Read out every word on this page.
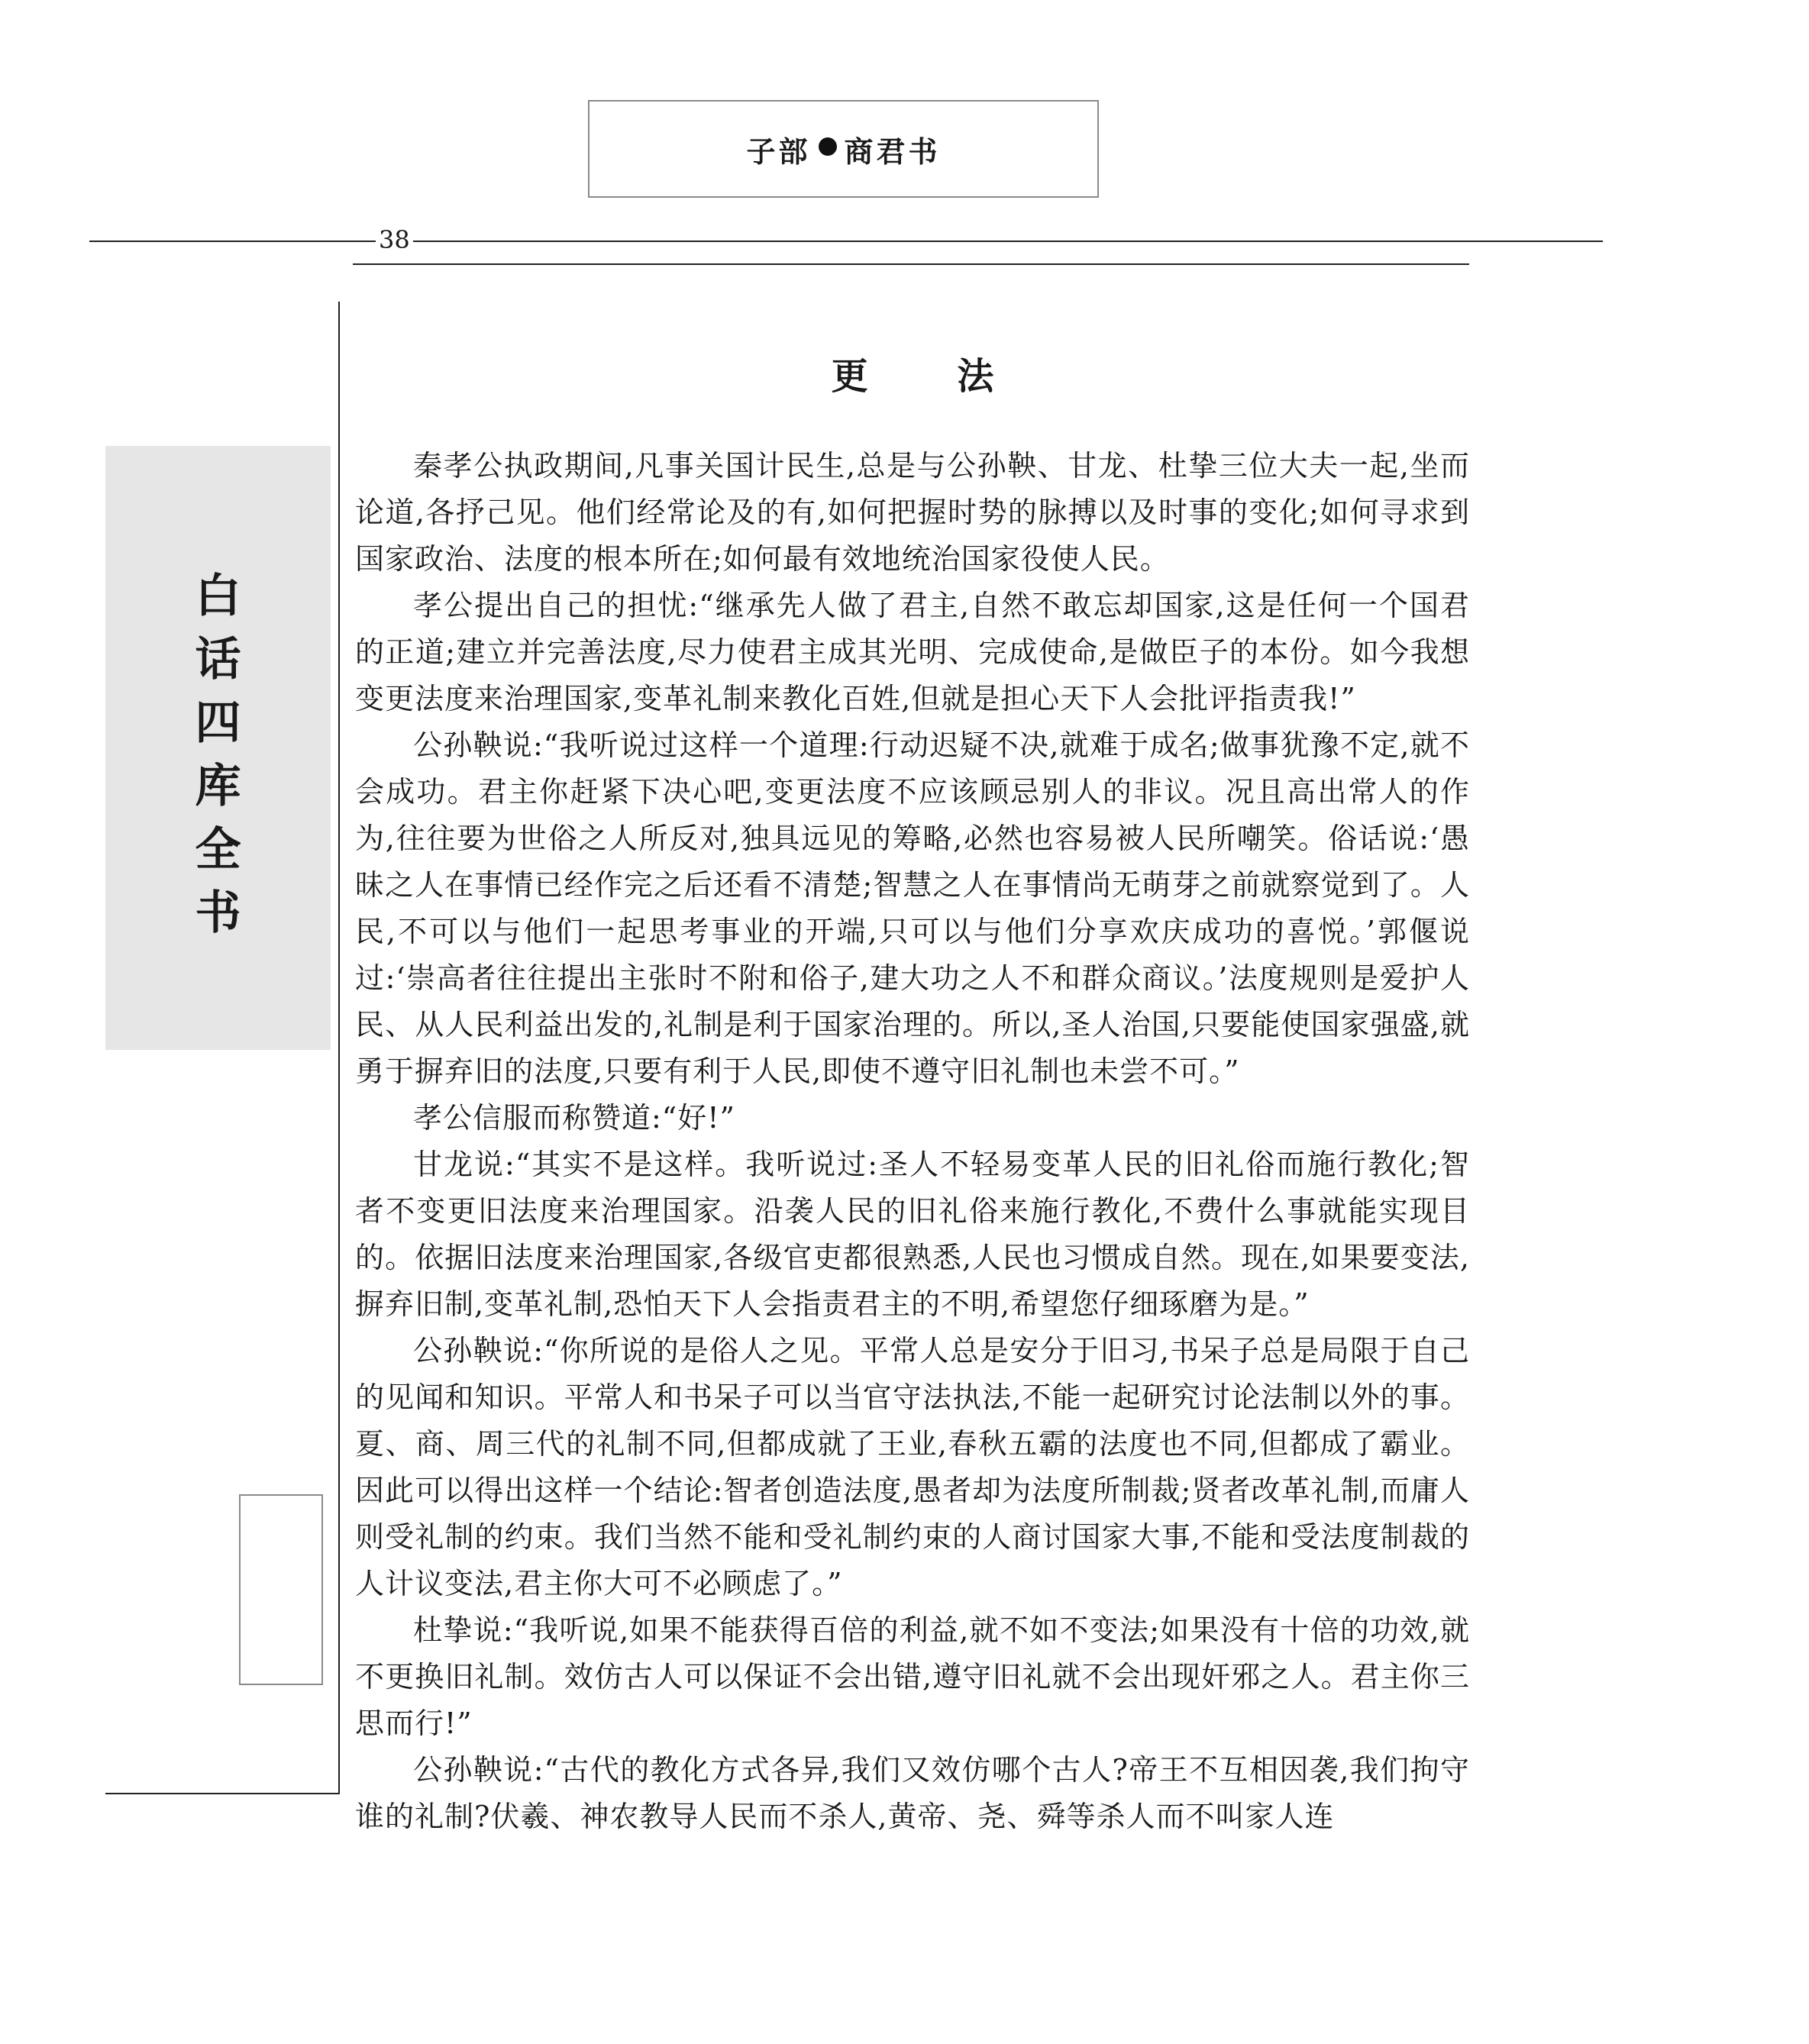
子部 商君书
38
白
话
四
库
全
书
更 法

秦孝公执政期间,凡事关国计民生,总是与公孙鞅、甘龙、杜挚三位大夫一起,坐而论道,各抒己见。他们经常论及的有,如何把握时势的脉搏以及时事的变化;如何寻求到国家政治、法度的根本所在;如何最有效地统治国家役使人民。

孝公提出自己的担忧:“继承先人做了君主,自然不敢忘却国家,这是任何一个国君的正道;建立并完善法度,尽力使君主成其光明、完成使命,是做臣子的本份。如今我想变更法度来治理国家,变革礼制来教化百姓,但就是担心天下人会批评指责我!”

公孙鞅说:“我听说过这样一个道理:行动迟疑不决,就难于成名;做事犹豫不定,就不会成功。君主你赶紧下决心吧,变更法度不应该顾忌别人的非议。况且高出常人的作为,往往要为世俗之人所反对,独具远见的筹略,必然也容易被人民所嘲笑。俗话说:‘愚昧之人在事情已经作完之后还看不清楚;智慧之人在事情尚无萌芽之前就察觉到了。人民,不可以与他们一起思考事业的开端,只可以与他们分享欢庆成功的喜悦。’郭偃说过:‘崇高者往往提出主张时不附和俗子,建大功之人不和群众商议。’法度规则是爱护人民、从人民利益出发的,礼制是利于国家治理的。所以,圣人治国,只要能使国家强盛,就勇于摒弃旧的法度,只要有利于人民,即使不遵守旧礼制也未尝不可。”

孝公信服而称赞道:“好!”

甘龙说:“其实不是这样。我听说过:圣人不轻易变革人民的旧礼俗而施行教化;智者不变更旧法度来治理国家。沿袭人民的旧礼俗来施行教化,不费什么事就能实现目的。依据旧法度来治理国家,各级官吏都很熟悉,人民也习惯成自然。现在,如果要变法,摒弃旧制,变革礼制,恐怕天下人会指责君主的不明,希望您仔细琢磨为是。”

公孙鞅说:“你所说的是俗人之见。平常人总是安分于旧习,书呆子总是局限于自己的见闻和知识。平常人和书呆子可以当官守法执法,不能一起研究讨论法制以外的事。夏、商、周三代的礼制不同,但都成就了王业,春秋五霸的法度也不同,但都成了霸业。因此可以得出这样一个结论:智者创造法度,愚者却为法度所制裁;贤者改革礼制,而庸人则受礼制的约束。我们当然不能和受礼制约束的人商讨国家大事,不能和受法度制裁的人计议变法,君主你大可不必顾虑了。”

杜挚说:“我听说,如果不能获得百倍的利益,就不如不变法;如果没有十倍的功效,就不更换旧礼制。效仿古人可以保证不会出错,遵守旧礼就不会出现奸邪之人。君主你三思而行!”

公孙鞅说:“古代的教化方式各异,我们又效仿哪个古人?帝王不互相因袭,我们拘守谁的礼制?伏羲、神农教导人民而不杀人,黄帝、尧、舜等杀人而不叫家人连
